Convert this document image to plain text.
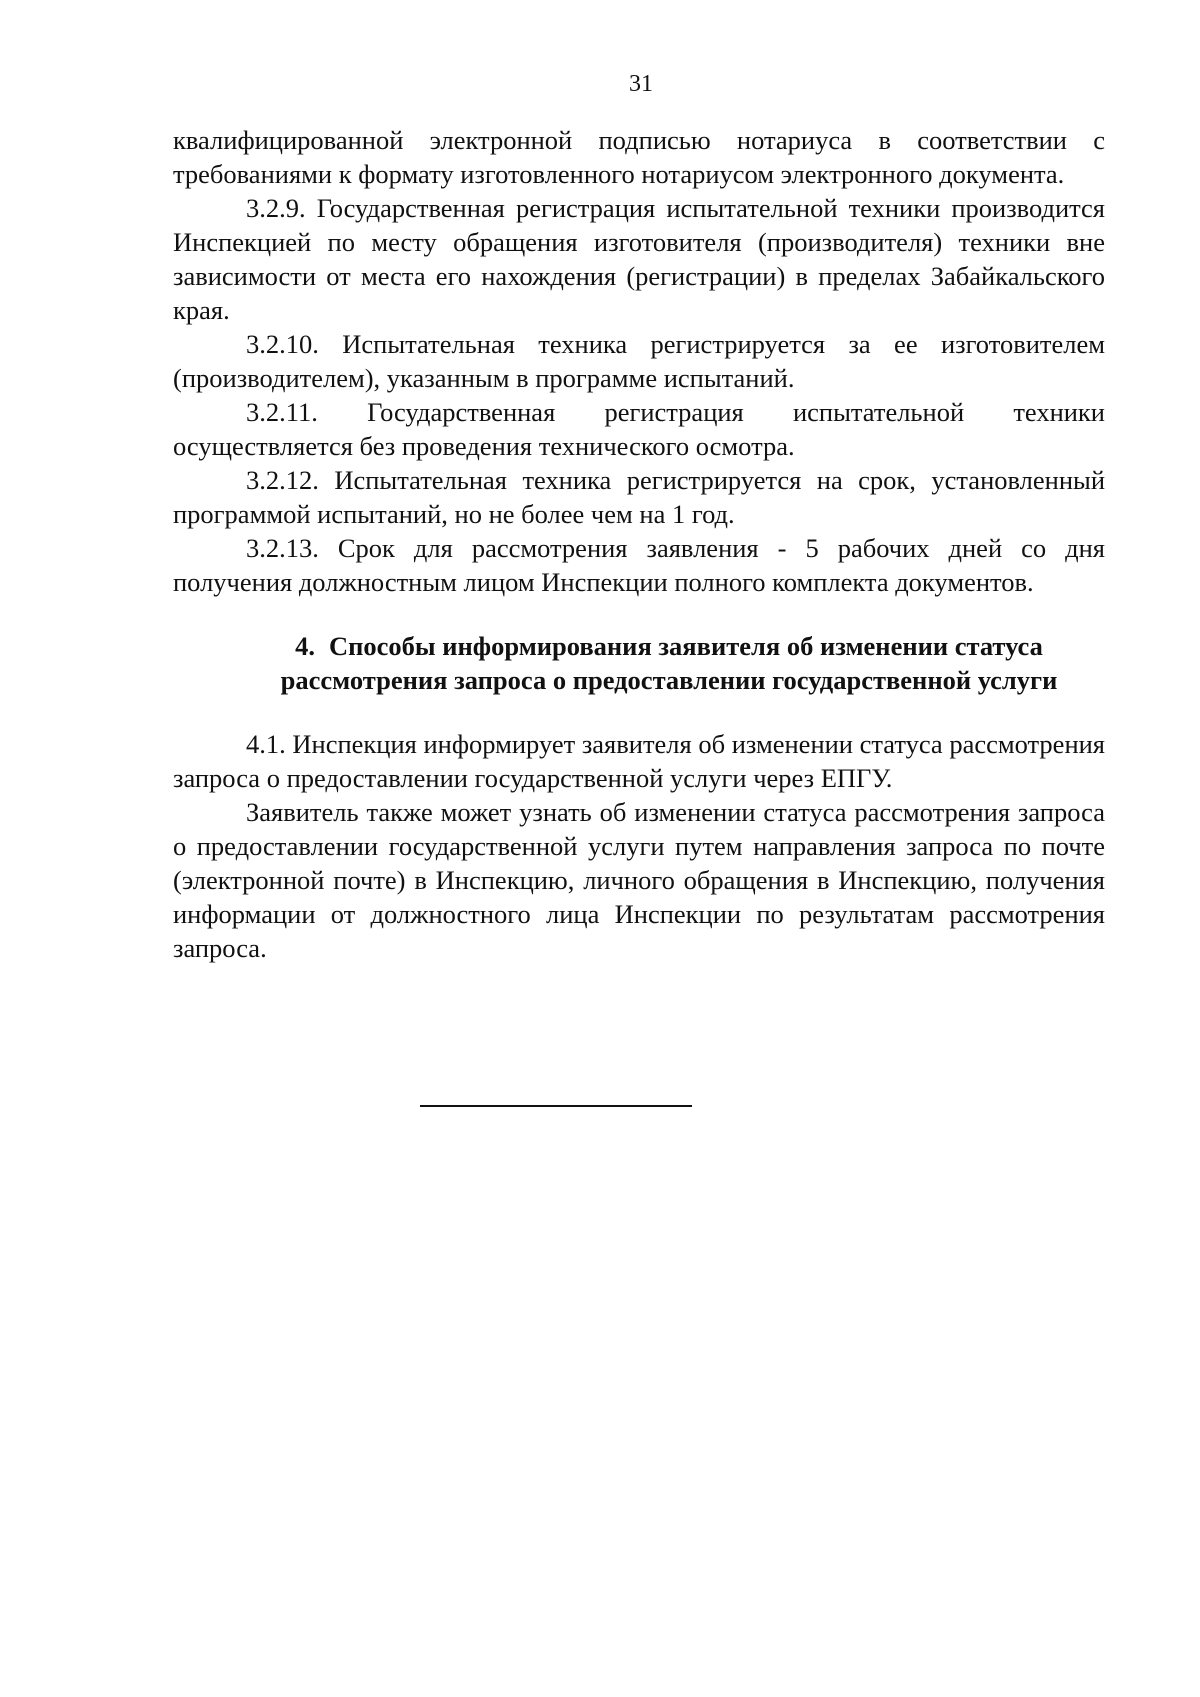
31

квалифицированной электронной подписью нотариуса в соответствии с требованиями к формату изготовленного нотариусом электронного документа.

3.2.9. Государственная регистрация испытательной техники производится Инспекцией по месту обращения изготовителя (производителя) техники вне зависимости от места его нахождения (регистрации) в пределах Забайкальского края.

3.2.10. Испытательная техника регистрируется за ее изготовителем (производителем), указанным в программе испытаний.

3.2.11. Государственная регистрация испытательной техники осуществляется без проведения технического осмотра.

3.2.12. Испытательная техника регистрируется на срок, установленный программой испытаний, но не более чем на 1 год.

3.2.13. Срок для рассмотрения заявления - 5 рабочих дней со дня получения должностным лицом Инспекции полного комплекта документов.

4. Способы информирования заявителя об изменении статуса
рассмотрения запроса о предоставлении государственной услуги

4.1. Инспекция информирует заявителя об изменении статуса рассмотрения запроса о предоставлении государственной услуги через ЕПГУ.

Заявитель также может узнать об изменении статуса рассмотрения запроса о предоставлении государственной услуги путем направления запроса по почте (электронной почте) в Инспекцию, личного обращения в Инспекцию, получения информации от должностного лица Инспекции по результатам рассмотрения запроса.
